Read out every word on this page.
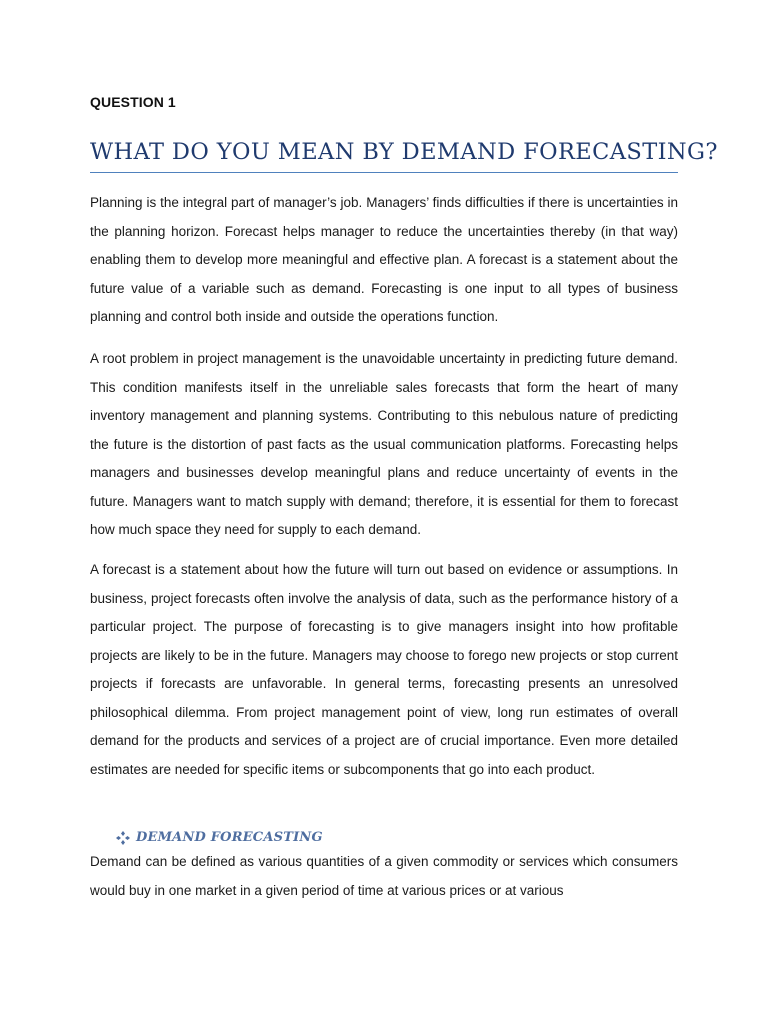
QUESTION 1
WHAT DO YOU MEAN BY DEMAND FORECASTING?

Planning is the integral part of manager’s job. Managers’ finds difficulties if there is uncertainties in the planning horizon. Forecast helps manager to reduce the uncertainties thereby (in that way) enabling them to develop more meaningful and effective plan. A forecast is a statement about the future value of a variable such as demand. Forecasting is one input to all types of business planning and control both inside and outside the operations function.

A root problem in project management is the unavoidable uncertainty in predicting future demand. This condition manifests itself in the unreliable sales forecasts that form the heart of many inventory management and planning systems. Contributing to this nebulous nature of predicting the future is the distortion of past facts as the usual communication platforms. Forecasting helps managers and businesses develop meaningful plans and reduce uncertainty of events in the future. Managers want to match supply with demand; therefore, it is essential for them to forecast how much space they need for supply to each demand.

A forecast is a statement about how the future will turn out based on evidence or assumptions. In business, project forecasts often involve the analysis of data, such as the performance history of a particular project. The purpose of forecasting is to give managers insight into how profitable projects are likely to be in the future. Managers may choose to forego new projects or stop current projects if forecasts are unfavorable. In general terms, forecasting presents an unresolved philosophical dilemma. From project management point of view, long run estimates of overall demand for the products and services of a project are of crucial importance. Even more detailed estimates are needed for specific items or subcomponents that go into each product.

DEMAND FORECASTING

Demand can be defined as various quantities of a given commodity or services which consumers would buy in one market in a given period of time at various prices or at various
